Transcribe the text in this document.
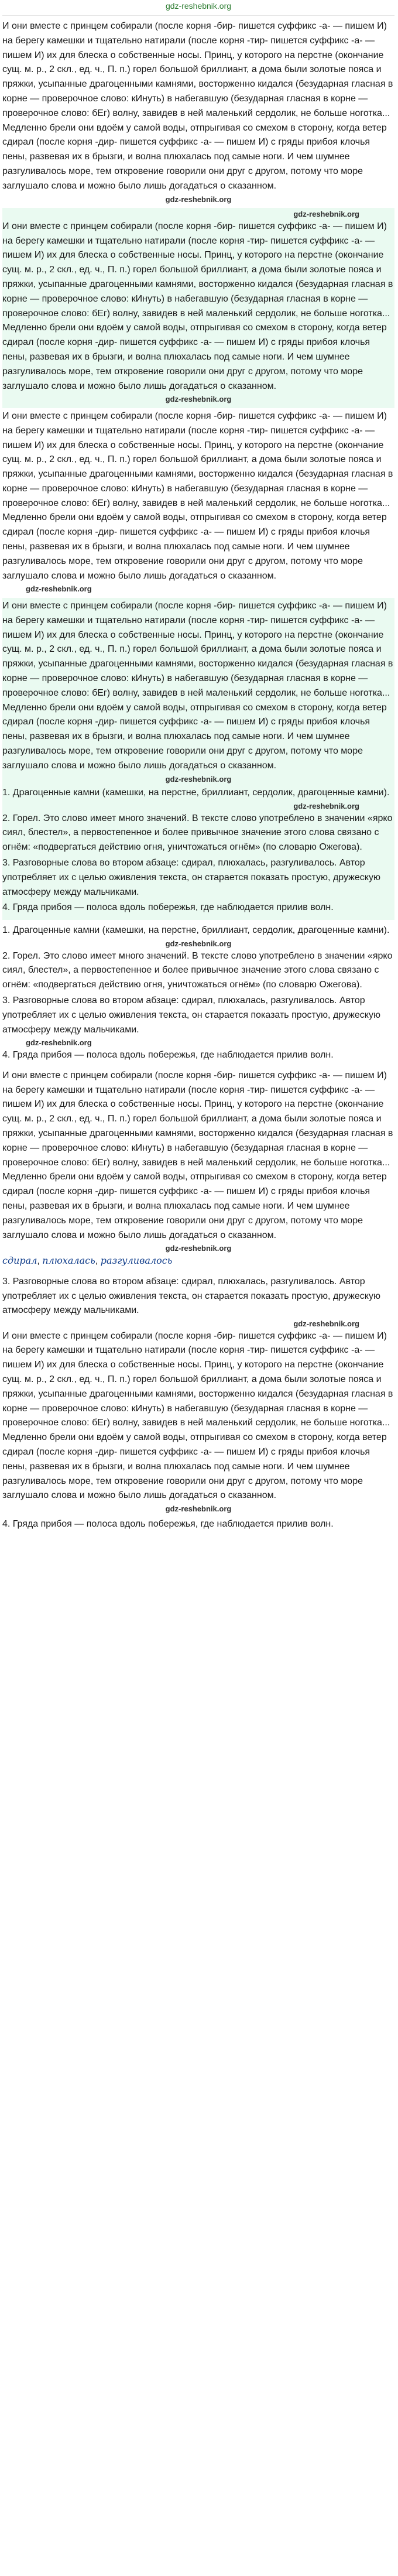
gdz-reshebnik.org

И они вместе с принцем собирали (после корня -бир- пишется суффикс -а- — пишем И) на берегу камешки и тщательно натирали (после корня -тир- пишется суффикс -а- — пишем И) их для блеска о собственные носы. Принц, у которого на перстне (окончание сущ. м. р., 2 скл., ед. ч., П. п.) горел большой бриллиант, а дома были золотые пояса и пряжки, усыпанные драгоценными камнями, восторженно кидался (безударная гласная в корне — проверочное слово: кИнуть) в набегавшую (безударная гласная в корне — проверочное слово: бЕг) волну, завидев в ней маленький сердолик, не больше ноготка... Медленно брели они вдоём у самой воды, отпрыгивая со смехом в сторону, когда ветер сдирал (после корня -дир- пишется суффикс -а- — пишем И) с гряды прибоя клочья пены, развевая их в брызги, и волна плюхалась под самые ноги. И чем шумнее разгуливалось море, тем откровение говорили они друг с другом, потому что море заглушало слова и можно было лишь догадаться о сказанном.

gdz-reshebnik.org
gdz-reshebnik.org

И они вместе с принцем собирали (после корня -бир- пишется суффикс -а- — пишем И) на берегу камешки и тщательно натирали (после корня -тир- пишется суффикс -а- — пишем И) их для блеска о собственные носы. Принц, у которого на перстне (окончание сущ. м. р., 2 скл., ед. ч., П. п.) горел большой бриллиант, а дома были золотые пояса и пряжки, усыпанные драгоценными камнями, восторженно кидался (безударная гласная в корне — проверочное слово: кИнуть) в набегавшую (безударная гласная в корне — проверочное слово: бЕг) волну, завидев в ней маленький сердолик, не больше ноготка... Медленно брели они вдоём у самой воды, отпрыгивая со смехом в сторону, когда ветер сдирал (после корня -дир- пишется суффикс -а- — пишем И) с гряды прибоя клочья пены, развевая их в брызги, и волна плюхалась под самые ноги. И чем шумнее разгуливалось море, тем откровение говорили они друг с другом, потому что море заглушало слова и можно было лишь догадаться о сказанном.

gdz-reshebnik.org

И они вместе с принцем собирали (после корня -бир- пишется суффикс -а- — пишем И) на берегу камешки и тщательно натирали (после корня -тир- пишется суффикс -а- — пишем И) их для блеска о собственные носы. Принц, у которого на перстне (окончание сущ. м. р., 2 скл., ед. ч., П. п.) горел большой бриллиант, а дома были золотые пояса и пряжки, усыпанные драгоценными камнями, восторженно кидался (безударная гласная в корне — проверочное слово: кИнуть) в набегавшую (безударная гласная в корне — проверочное слово: бЕг) волну, завидев в ней маленький сердолик, не больше ноготка... Медленно брели они вдоём у самой воды, отпрыгивая со смехом в сторону, когда ветер сдирал (после корня -дир- пишется суффикс -а- — пишем И) с гряды прибоя клочья пены, развевая их в брызги, и волна плюхалась под самые ноги. И чем шумнее разгуливалось море, тем откровение говорили они друг с другом, потому что море заглушало слова и можно было лишь догадаться о сказанном.

gdz-reshebnik.org

И они вместе с принцем собирали (после корня -бир- пишется суффикс -а- — пишем И) на берегу камешки и тщательно натирали (после корня -тир- пишется суффикс -а- — пишем И) их для блеска о собственные носы. Принц, у которого на перстне (окончание сущ. м. р., 2 скл., ед. ч., П. п.) горел большой бриллиант, а дома были золотые пояса и пряжки, усыпанные драгоценными камнями, восторженно кидался (безударная гласная в корне — проверочное слово: кИнуть) в набегавшую (безударная гласная в корне — проверочное слово: бЕг) волну, завидев в ней маленький сердолик, не больше ноготка... Медленно брели они вдоём у самой воды, отпрыгивая со смехом в сторону, когда ветер сдирал (после корня -дир- пишется суффикс -а- — пишем И) с гряды прибоя клочья пены, развевая их в брызги, и волна плюхалась под самые ноги. И чем шумнее разгуливалось море, тем откровение говорили они друг с другом, потому что море заглушало слова и можно было лишь догадаться о сказанном.

gdz-reshebnik.org

1. Драгоценные камни (камешки, на перстне, бриллиант, сердолик, драгоценные камни).

gdz-reshebnik.org

2. Горел. Это слово имеет много значений. В тексте слово употреблено в значении «ярко сиял, блестел», а первостепенное и более привычное значение этого слова связано с огнём: «подвергаться действию огня, уничтожаться огнём» (по словарю Ожегова).

3. Разговорные слова во втором абзаце: сдирал, плюхалась, разгуливалось. Автор употребляет их с целью оживления текста, он старается показать простую, дружескую атмосферу между мальчиками.

4. Гряда прибоя — полоса вдоль побережья, где наблюдается прилив волн.

1. Драгоценные камни (камешки, на перстне, бриллиант, сердолик, драгоценные камни).

gdz-reshebnik.org

2. Горел. Это слово имеет много значений. В тексте слово употреблено в значении «ярко сиял, блестел», а первостепенное и более привычное значение этого слова связано с огнём: «подвергаться действию огня, уничтожаться огнём» (по словарю Ожегова).

3. Разговорные слова во втором абзаце: сдирал, плюхалась, разгуливалось. Автор употребляет их с целью оживления текста, он старается показать простую, дружескую атмосферу между мальчиками.

gdz-reshebnik.org

4. Гряда прибоя — полоса вдоль побережья, где наблюдается прилив волн.

И они вместе с принцем собирали (после корня -бир- пишется суффикс -а- — пишем И) на берегу камешки и тщательно натирали (после корня -тир- пишется суффикс -а- — пишем И) их для блеска о собственные носы. Принц, у которого на перстне (окончание сущ. м. р., 2 скл., ед. ч., П. п.) горел большой бриллиант, а дома были золотые пояса и пряжки, усыпанные драгоценными камнями, восторженно кидался (безударная гласная в корне — проверочное слово: кИнуть) в набегавшую (безударная гласная в корне — проверочное слово: бЕг) волну, завидев в ней маленький сердолик, не больше ноготка... Медленно брели они вдоём у самой воды, отпрыгивая со смехом в сторону, когда ветер сдирал (после корня -дир- пишется суффикс -а- — пишем И) с гряды прибоя клочья пены, развевая их в брызги, и волна плюхалась под самые ноги. И чем шумнее разгуливалось море, тем откровение говорили они друг с другом, потому что море заглушало слова и можно было лишь догадаться о сказанном.

gdz-reshebnik.org

сдирал, плюхалась, разгуливалось

3. Разговорные слова во втором абзаце: сдирал, плюхалась, разгуливалось. Автор употребляет их с целью оживления текста, он старается показать простую, дружескую атмосферу между мальчиками.

gdz-reshebnik.org

И они вместе с принцем собирали (после корня -бир- пишется суффикс -а- — пишем И) на берегу камешки и тщательно натирали (после корня -тир- пишется суффикс -а- — пишем И) их для блеска о собственные носы. Принц, у которого на перстне (окончание сущ. м. р., 2 скл., ед. ч., П. п.) горел большой бриллиант, а дома были золотые пояса и пряжки, усыпанные драгоценными камнями, восторженно кидался (безударная гласная в корне — проверочное слово: кИнуть) в набегавшую (безударная гласная в корне — проверочное слово: бЕг) волну, завидев в ней маленький сердолик, не больше ноготка... Медленно брели они вдоём у самой воды, отпрыгивая со смехом в сторону, когда ветер сдирал (после корня -дир- пишется суффикс -а- — пишем И) с гряды прибоя клочья пены, развевая их в брызги, и волна плюхалась под самые ноги. И чем шумнее разгуливалось море, тем откровение говорили они друг с другом, потому что море заглушало слова и можно было лишь догадаться о сказанном.

gdz-reshebnik.org

4. Гряда прибоя — полоса вдоль побережья, где наблюдается прилив волн.
